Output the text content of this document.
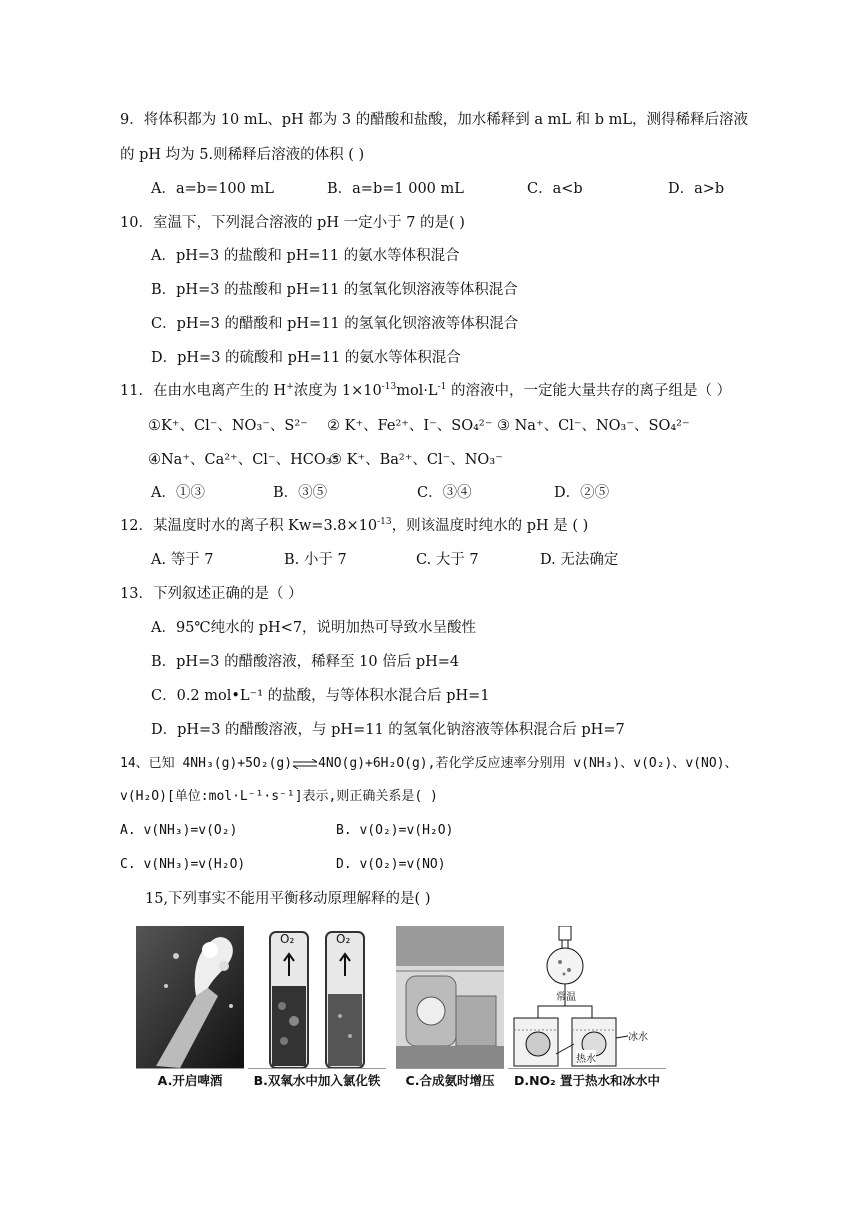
9．将体积都为 10 mL、pH 都为 3 的醋酸和盐酸，加水稀释到 a mL 和 b mL，测得稀释后溶液
的 pH 均为 5.则稀释后溶液的体积 ( )
A．a=b=100 mL	B．a=b=1 000 mL	C．a<b	D．a>b
10．室温下，下列混合溶液的 pH 一定小于 7 的是( )
A．pH=3 的盐酸和 pH=11 的氨水等体积混合
B．pH=3 的盐酸和 pH=11 的氢氧化钡溶液等体积混合
C．pH=3 的醋酸和 pH=11 的氢氧化钡溶液等体积混合
D．pH=3 的硫酸和 pH=11 的氨水等体积混合
11．在由水电离产生的 H+浓度为 $1\times 10^{-13}mol\cdot L^{-1}$ 的溶液中，一定能大量共存的离子组是（ ）
①K⁺、Cl⁻、NO₃⁻、S²⁻ ② K⁺、Fe²⁺、I⁻、SO₄²⁻ ③ Na⁺、Cl⁻、NO₃⁻、SO₄²⁻
④Na⁺、Ca²⁺、Cl⁻、HCO₃⁻
⑤ K⁺、Ba²⁺、Cl⁻、NO₃⁻
A．①③	B．③⑤	C．③④	D．②⑤
12．某温度时水的离子积 $Kw=3.8\times 10^{-13}$，则该温度时纯水的 pH 是 ( )
A. 等于 7	B. 小于 7	C. 大于 7	D. 无法确定
13．下列叙述正确的是（ ）
A．95℃纯水的 pH<7，说明加热可导致水呈酸性
B．pH=3 的醋酸溶液，稀释至 10 倍后 pH=4
C．0.2 mol•L⁻¹ 的盐酸，与等体积水混合后 pH=1
D．pH=3 的醋酸溶液，与 pH=11 的氢氧化钠溶液等体积混合后 pH=7
14、已知 4NH₃(g)+5O₂(g)⇌4NO(g)+6H₂O(g),若化学反应速率分别用 v(NH₃)、v(O₂)、v(NO)、
v(H₂O)[单位:mol·L⁻¹·s⁻¹]表示,则正确关系是( )
A. v(NH₃)=v(O₂)	B. v(O₂)=v(H₂O)
C. v(NH₃)=v(H₂O)	D. v(O₂)=v(NO)
15,下列事实不能用平衡移动原理解释的是( )
A.开启啤酒
O₂	O₂
B.双氧水中加入氯化铁	C.合成氨时增压
常温
热水
冰水
D.NO₂ 置于热水和冰水中
